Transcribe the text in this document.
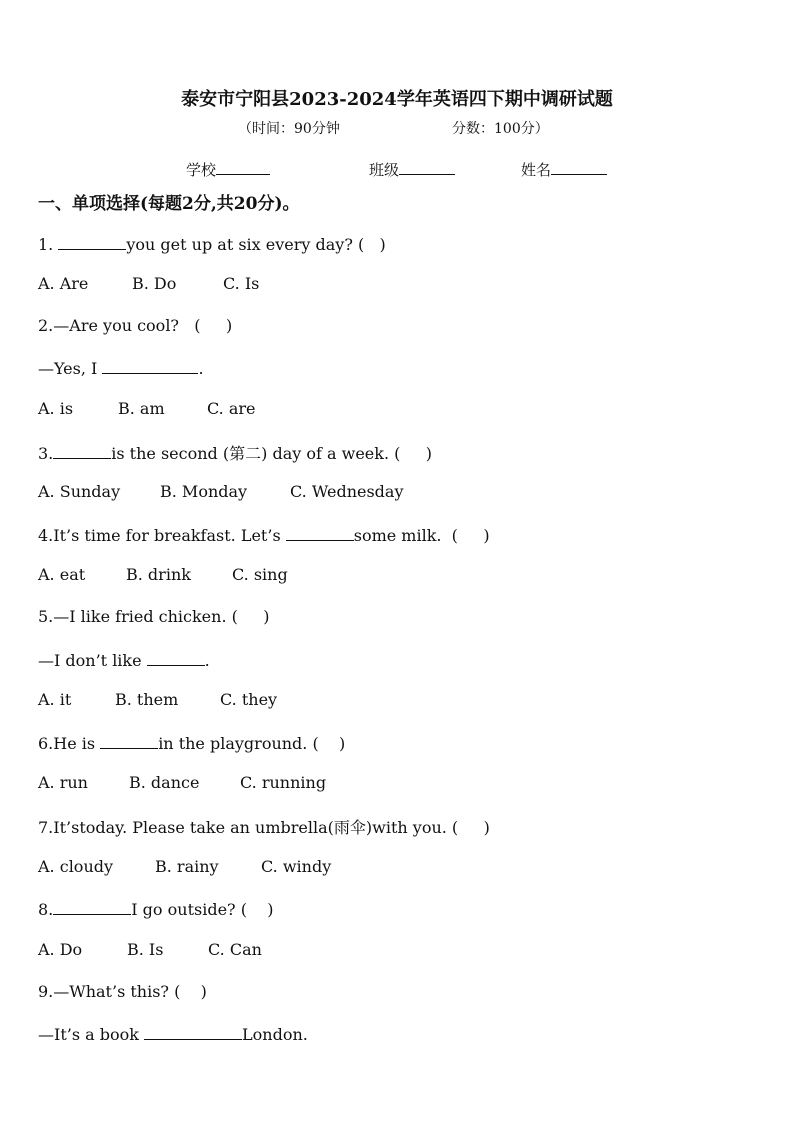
泰安市宁阳县2023-2024学年英语四下期中调研试题
（时间：90分钟	分数：100分）
学校	班级	姓名
一、单项选择(每题2分,共20分)。
1.	you get up at six every day? (   )
A. Are	B. Do	C. Is
2.—Are you cool?   (     )
—Yes, I	.
A. is	B. am	C. are
3.	is the second (第二) day of a week. (     )
A. Sunday B. Monday	C. Wednesday
4.It’s time for breakfast. Let’s	some milk.  (     )
A. eat	B. drink	C. sing
5.—I like fried chicken. (     )
—I don’t like	.
A. it	B. them	C. they
6.He is	in the playground. (    )
A. run	B. dance	C. running
7.It’stoday. Please take an umbrella(雨伞)with you. (     )
A. cloudy	B. rainy	C. windy
8.	I go outside? (    )
A. Do	B. Is	C. Can
9.—What’s this? (    )
—It’s a book	London.
